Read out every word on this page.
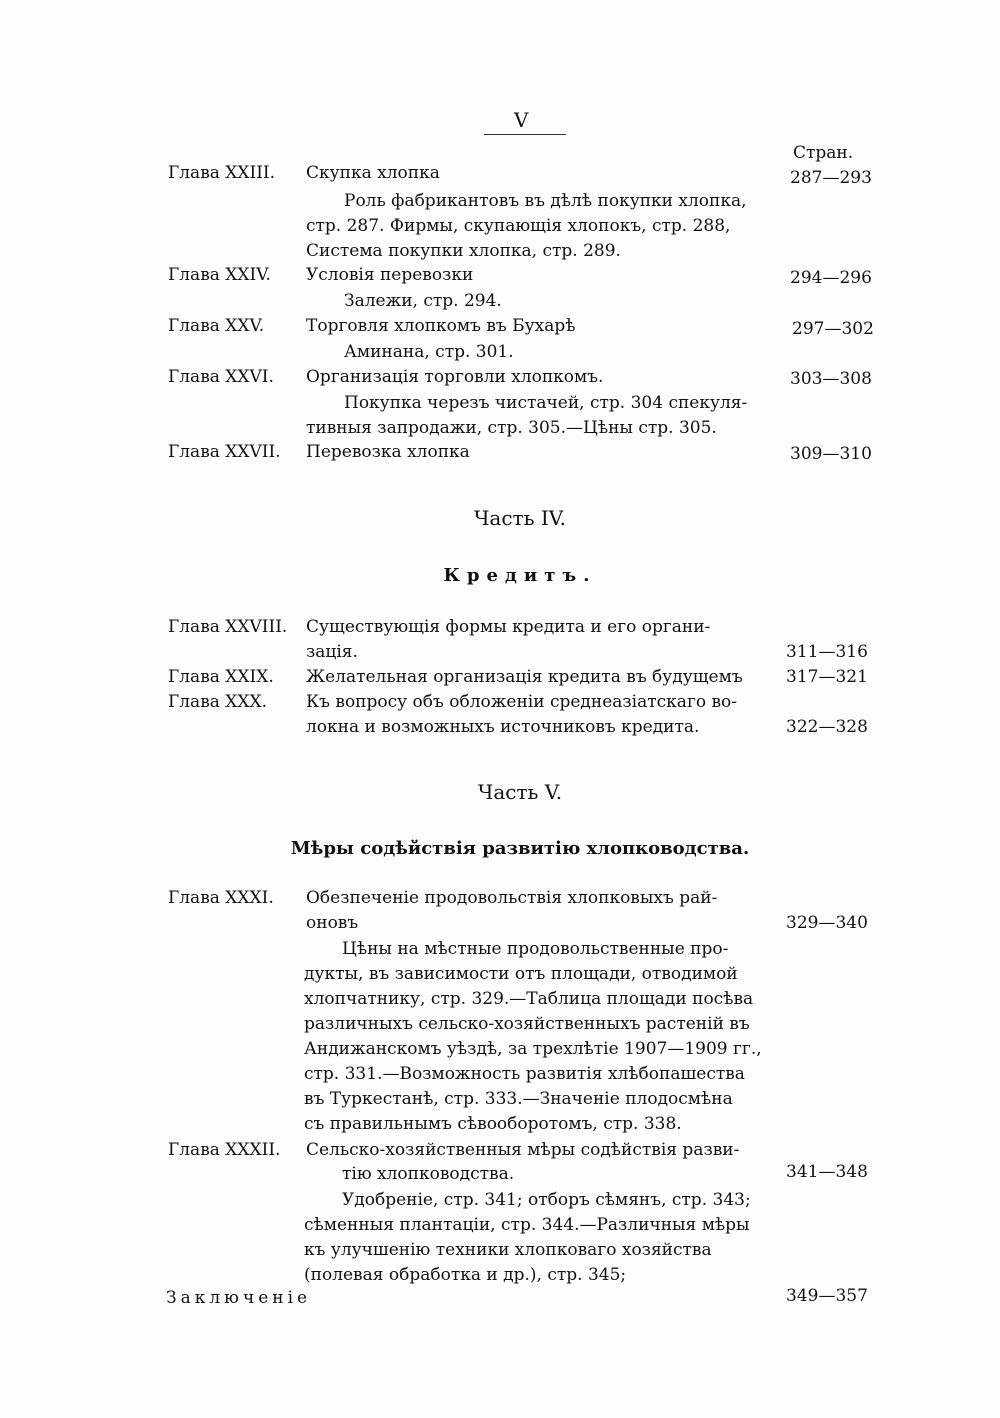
V
Стран.
Глава XXIII. Скупка хлопка	287—293
Роль фабрикантовъ въ дѣлѣ покупки хлопка,
стр. 287. Фирмы, скупающія хлопокъ, стр. 288,
Система покупки хлопка, стр. 289.
Глава XXIV. Условія перевозки	294—296
Залежи, стр. 294.
Глава XXV. Торговля хлопкомъ въ Бухарѣ	297—302
Аминана, стр. 301.
Глава XXVI. Организація торговли хлопкомъ.	303—308
Покупка черезъ чистачей, стр. 304 спекуля-
тивныя запродажи, стр. 305.—Цѣны стр. 305.
Глава XXVII. Перевозка хлопка	309—310
Часть IV.
Кредитъ.
Глава XXVIII. Существующія формы кредита и его органи-
зація.	311—316
Глава XXIX. Желательная организація кредита въ будущемъ	317—321
Глава XXX. Къ вопросу объ обложеніи среднеазіатскаго во-
локна и возможныхъ источниковъ кредита.	322—328
Часть V.
Мѣры содѣйствія развитію хлопководства.
Глава XXXI. Обезпеченіе продовольствія хлопковыхъ рай-
оновъ	329—340
Цѣны на мѣстные продовольственные про-
дукты, въ зависимости отъ площади, отводимой
хлопчатнику, стр. 329.—Таблица площади посѣва
различныхъ сельско-хозяйственныхъ растеній въ
Андижанскомъ уѣздѣ, за трехлѣтіе 1907—1909 гг.,
стр. 331.—Возможность развитія хлѣбопашества
въ Туркестанѣ, стр. 333.—Значеніе плодосмѣна
съ правильнымъ сѣвооборотомъ, стр. 338.
Глава XXXII. Сельско-хозяйственныя мѣры содѣйствія разви-
тію хлопководства.	341—348
Удобреніе, стр. 341; отборъ сѣмянъ, стр. 343;
сѣменныя плантаціи, стр. 344.—Различныя мѣры
къ улучшенію техники хлопковаго хозяйства
(полевая обработка и др.), стр. 345;
Заключеніе	349—357
